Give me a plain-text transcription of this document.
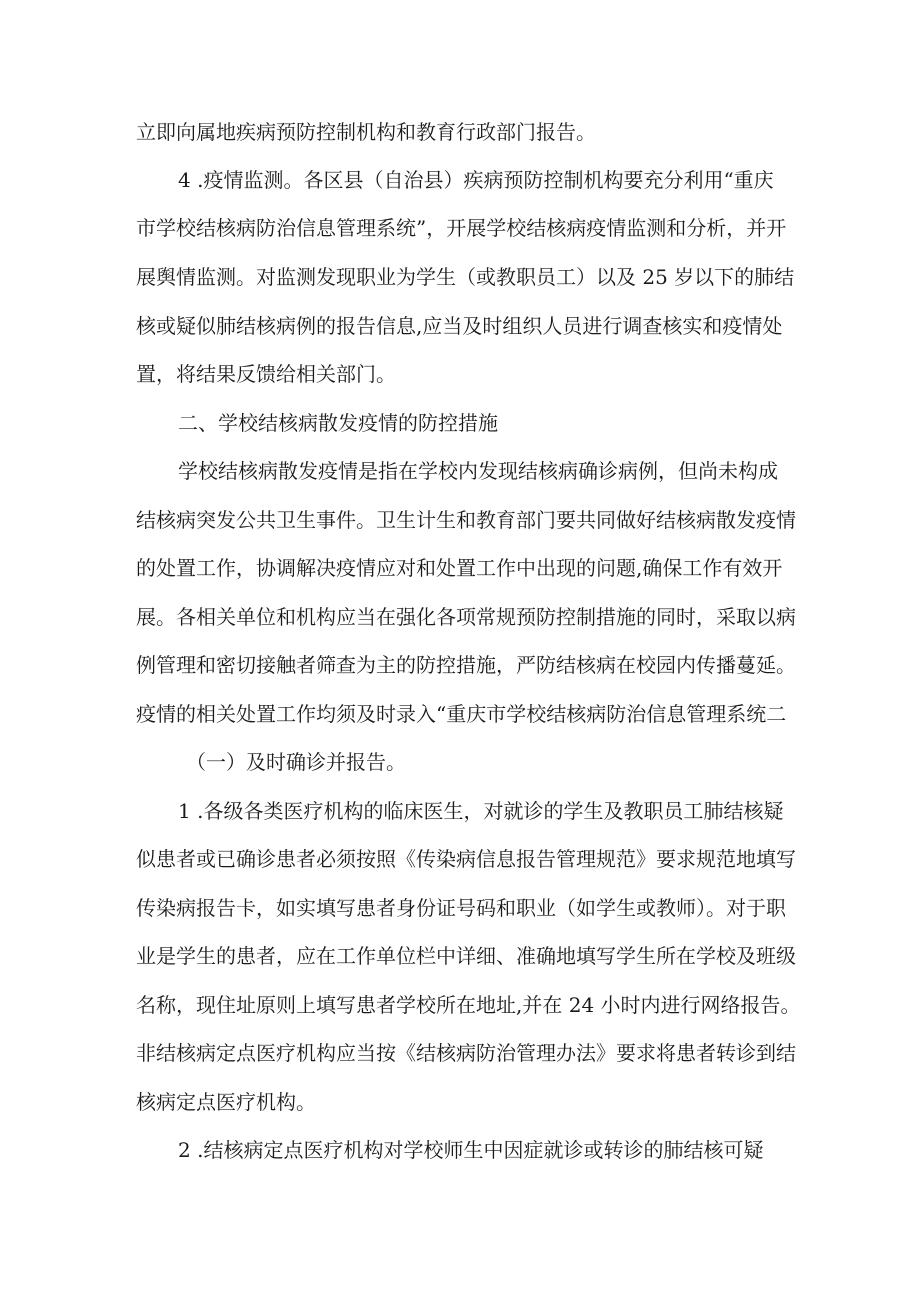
立即向属地疾病预防控制机构和教育行政部门报告。

4 .疫情监测。各区县（自治县）疾病预防控制机构要充分利用“重庆

市学校结核病防治信息管理系统”，开展学校结核病疫情监测和分析，并开

展舆情监测。对监测发现职业为学生（或教职员工）以及 25 岁以下的肺结

核或疑似肺结核病例的报告信息,应当及时组织人员进行调查核实和疫情处

置，将结果反馈给相关部门。

二、学校结核病散发疫情的防控措施

学校结核病散发疫情是指在学校内发现结核病确诊病例，但尚未构成

结核病突发公共卫生事件。卫生计生和教育部门要共同做好结核病散发疫情

的处置工作，协调解决疫情应对和处置工作中出现的问题,确保工作有效开

展。各相关单位和机构应当在强化各项常规预防控制措施的同时，采取以病

例管理和密切接触者筛查为主的防控措施，严防结核病在校园内传播蔓延。

疫情的相关处置工作均须及时录入“重庆市学校结核病防治信息管理系统二

（一）及时确诊并报告。

1 .各级各类医疗机构的临床医生，对就诊的学生及教职员工肺结核疑

似患者或已确诊患者必须按照《传染病信息报告管理规范》要求规范地填写

传染病报告卡，如实填写患者身份证号码和职业（如学生或教师）。对于职

业是学生的患者，应在工作单位栏中详细、准确地填写学生所在学校及班级

名称，现住址原则上填写患者学校所在地址,并在 24 小时内进行网络报告。

非结核病定点医疗机构应当按《结核病防治管理办法》要求将患者转诊到结

核病定点医疗机构。

2 .结核病定点医疗机构对学校师生中因症就诊或转诊的肺结核可疑
